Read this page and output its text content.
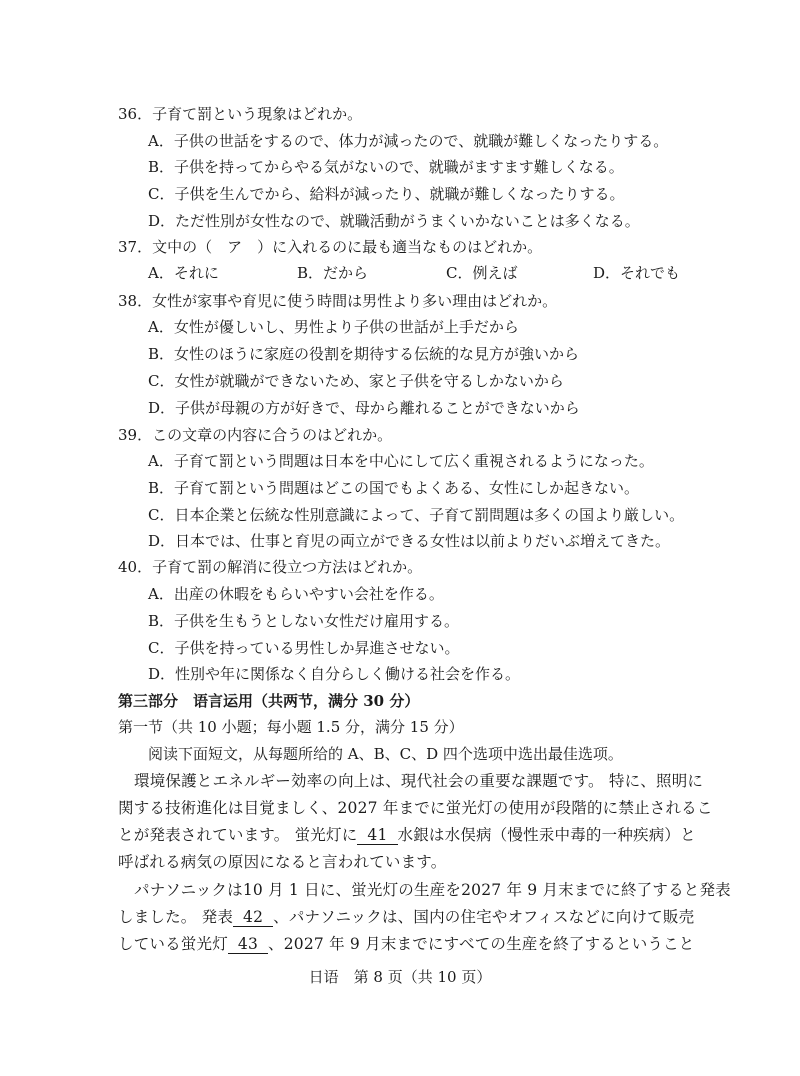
36．子育て罰という現象はどれか。
A．子供の世話をするので、体力が減ったので、就職が難しくなったりする。
B．子供を持ってからやる気がないので、就職がますます難しくなる。
C．子供を生んでから、給料が減ったり、就職が難しくなったりする。
D．ただ性別が女性なので、就職活動がうまくいかないことは多くなる。
37．文中の（　ア　）に入れるのに最も適当なものはどれか。
A．それに	B．だから	C．例えば	D．それでも
38．女性が家事や育児に使う時間は男性より多い理由はどれか。
A．女性が優しいし、男性より子供の世話が上手だから
B．女性のほうに家庭の役割を期待する伝統的な見方が強いから
C．女性が就職ができないため、家と子供を守るしかないから
D．子供が母親の方が好きで、母から離れることができないから
39．この文章の内容に合うのはどれか。
A．子育て罰という問題は日本を中心にして広く重視されるようになった。
B．子育て罰という問題はどこの国でもよくある、女性にしか起きない。
C．日本企業と伝統な性別意識によって、子育て罰問題は多くの国より厳しい。
D．日本では、仕事と育児の両立ができる女性は以前よりだいぶ増えてきた。
40．子育て罰の解消に役立つ方法はどれか。
A．出産の休暇をもらいやすい会社を作る。
B．子供を生もうとしない女性だけ雇用する。
C．子供を持っている男性しか昇進させない。
D．性別や年に関係なく自分らしく働ける社会を作る。
第三部分　语言运用（共两节，满分 30 分）
第一节（共 10 小题；每小题 1.5 分，满分 15 分）
阅读下面短文，从每题所给的 A、B、C、D 四个选项中选出最佳选项。
環境保護とエネルギー効率の向上は、現代社会の重要な課題です。 特に、照明に
関する技術進化は目覚ましく、2027 年までに蛍光灯の使用が段階的に禁止されるこ
とが発表されています。 蛍光灯に 41 水銀は水俣病（慢性汞中毒的一种疾病）と
呼ばれる病気の原因になると言われています。
パナソニックは10 月 1 日に、蛍光灯の生産を2027 年 9 月末までに終了すると発表
しました。 発表 42 、パナソニックは、国内の住宅やオフィスなどに向けて販売
している蛍光灯 43 、2027 年 9 月末までにすべての生産を終了するということ
日语　第 8 页（共 10 页）
